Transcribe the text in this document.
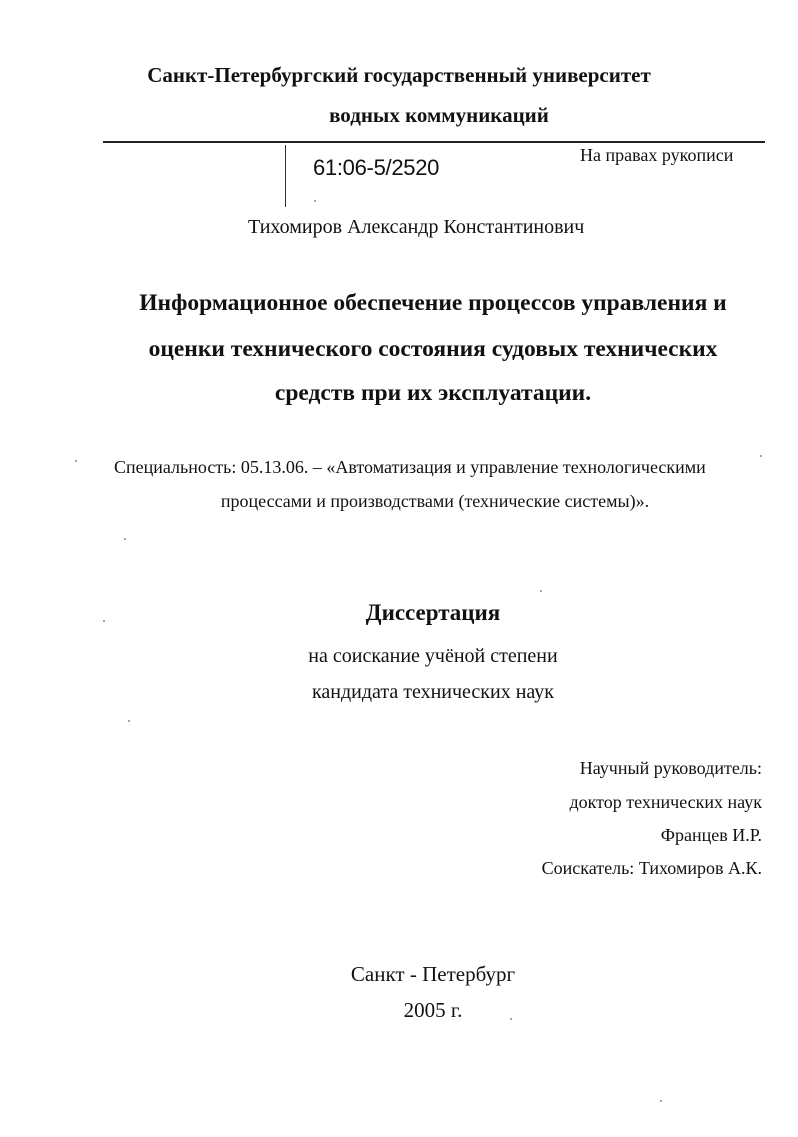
Санкт-Петербургский государственный университет
водных коммуникаций
61:06-5/2520	На правах рукописи
Тихомиров Александр Константинович
Информационное обеспечение процессов управления и
оценки технического состояния судовых технических
средств при их эксплуатации.
Специальность: 05.13.06. – «Автоматизация и управление технологическими
процессами и производствами (технические системы)».
Диссертация
на соискание учёной степени
кандидата технических наук
Научный руководитель:
доктор технических наук
Францев И.Р.
Соискатель: Тихомиров А.К.
Санкт - Петербург
2005 г.
